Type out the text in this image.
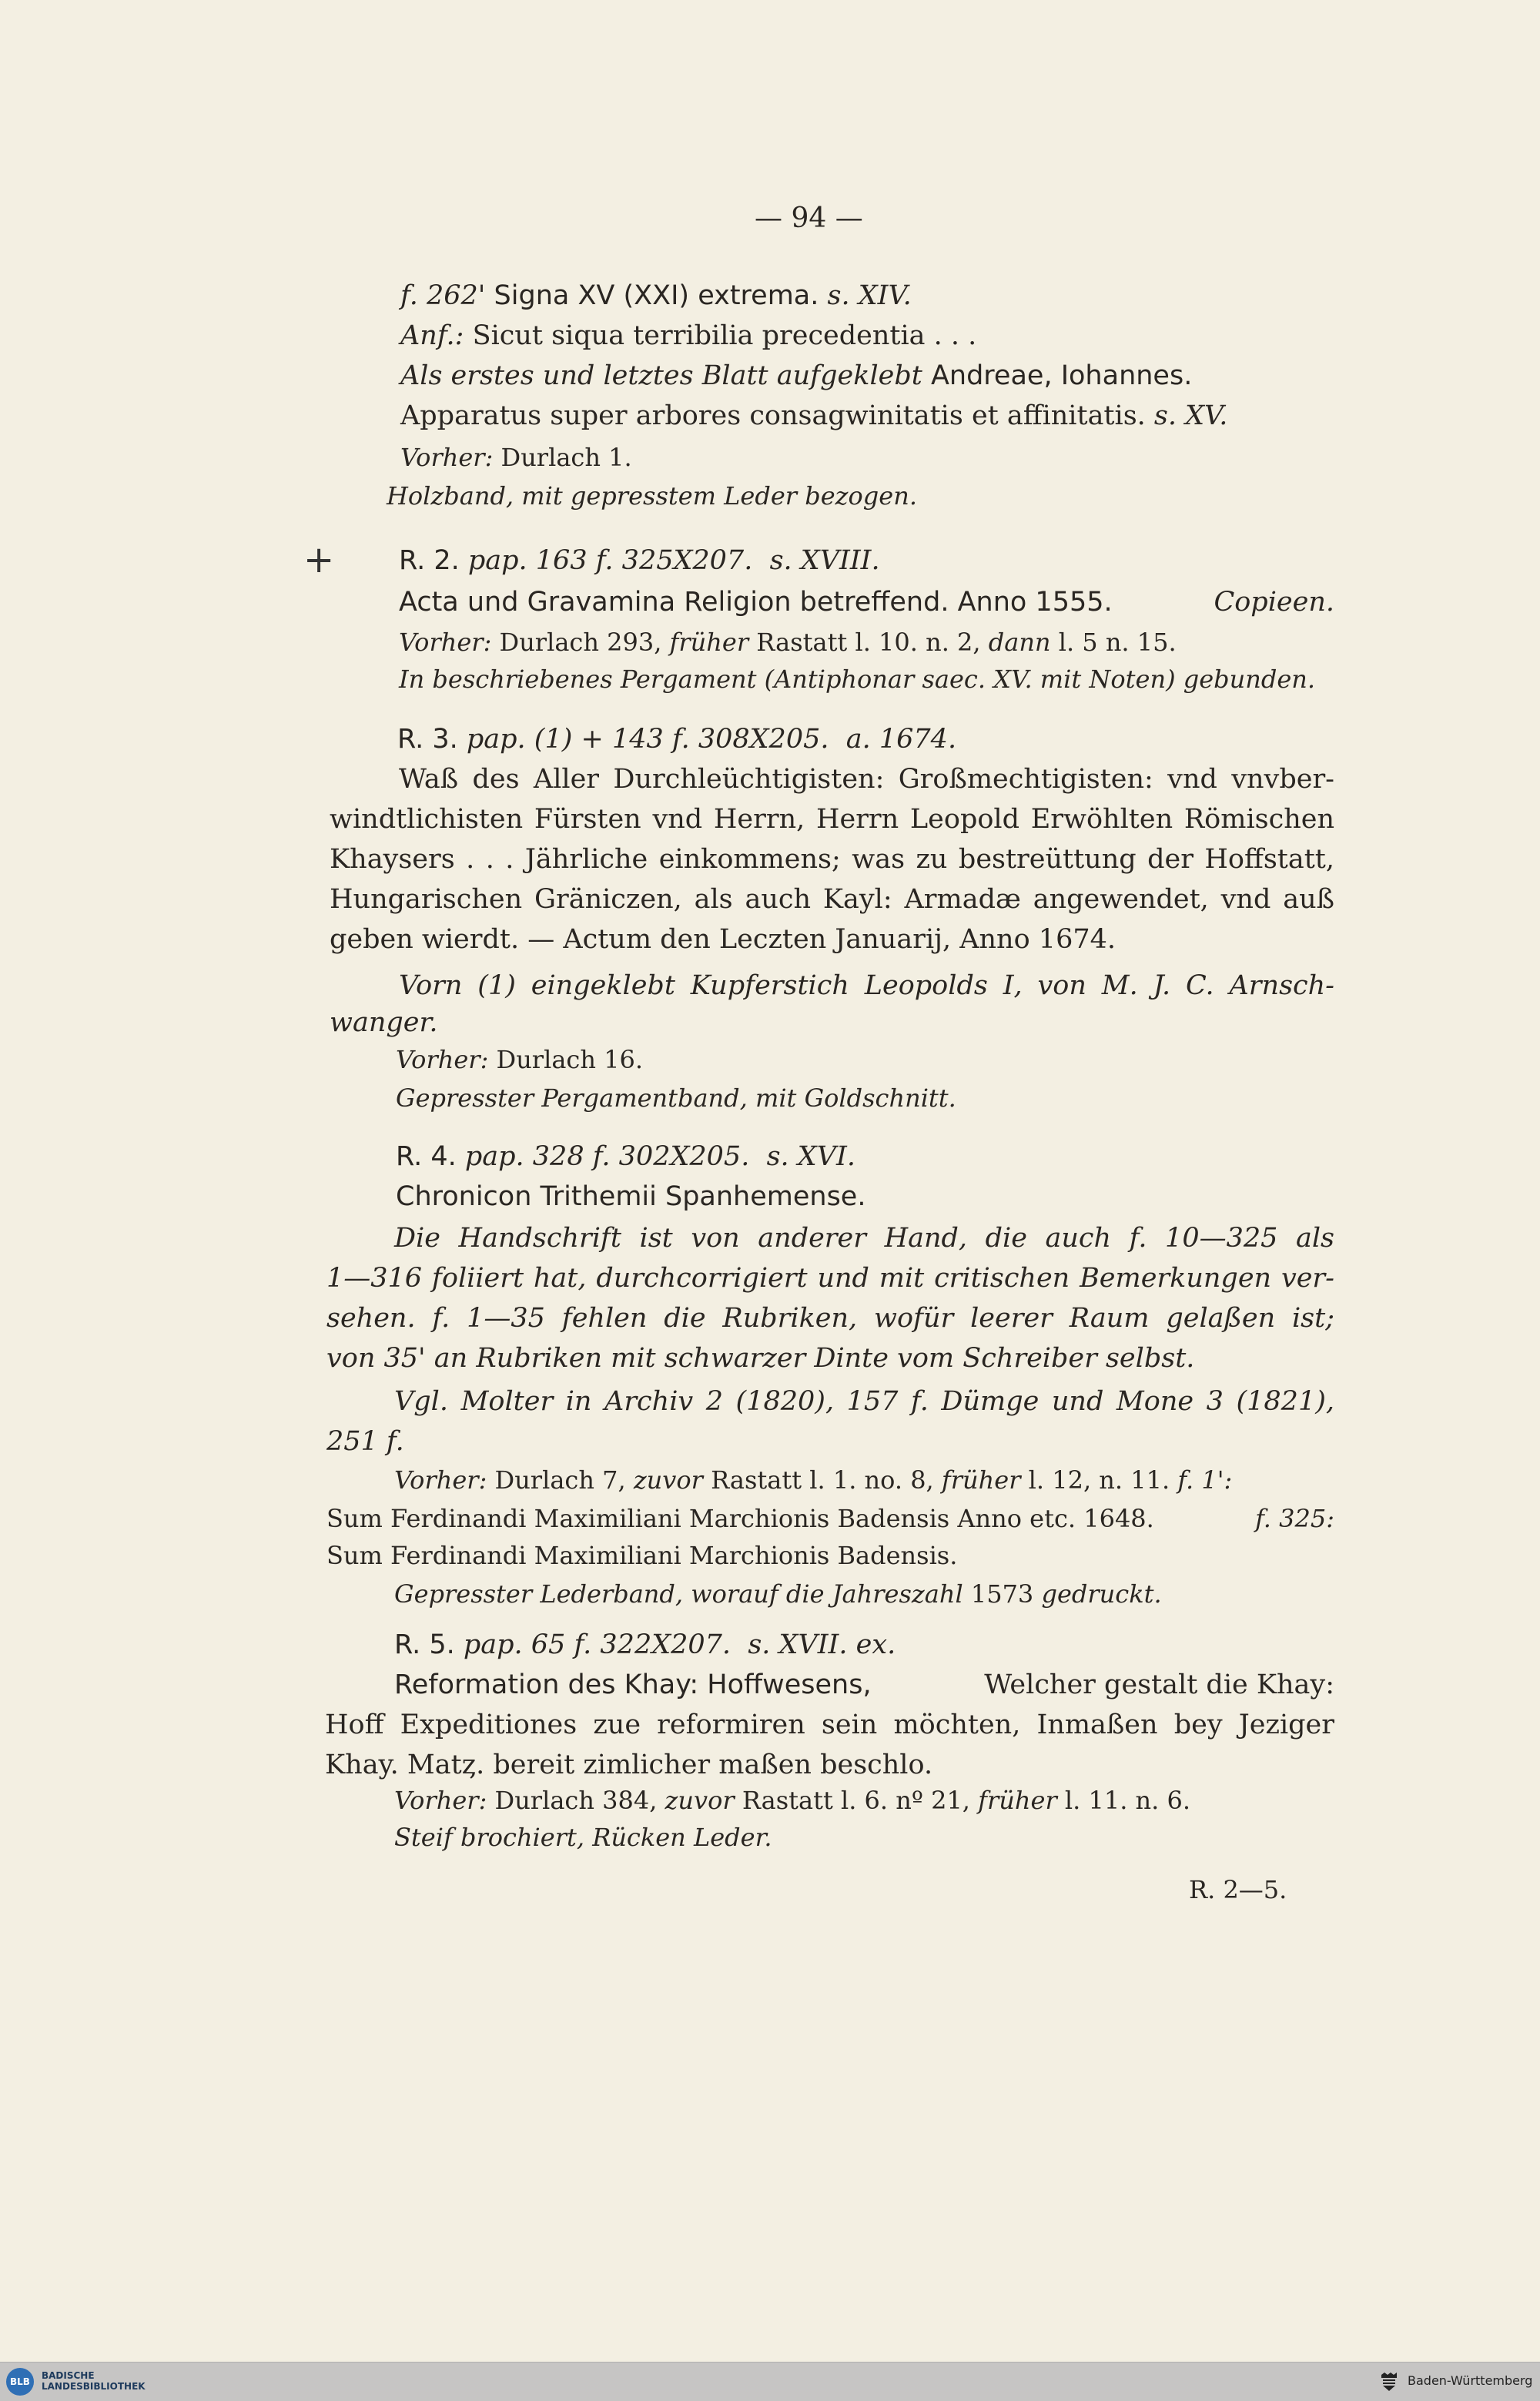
— 94 —
f. 262' Signa XV (XXI) extrema. s. XIV.
Anf.: Sicut siqua terribilia precedentia . . .
Als erstes und letztes Blatt aufgeklebt Andreae, Iohannes.
Apparatus super arbores consagwinitatis et affinitatis. s. XV.
Vorher: Durlach 1.
Holzband, mit gepresstem Leder bezogen.
+ R. 2. pap. 163 f. 325X207. s. XVIII.
Acta und Gravamina Religion betreffend. Anno 1555.	Copieen.
Vorher: Durlach 293, früher Rastatt l. 10. n. 2, dann l. 5 n. 15.
In beschriebenes Pergament (Antiphonar saec. XV. mit Noten) gebunden.
R. 3. pap. (1) + 143 f. 308X205. a. 1674.
Waß des Aller Durchleüchtigisten: Großmechtigisten: vnd vnvber-
windtlichisten Fürsten vnd Herrn, Herrn Leopold Erwöhlten Römischen
Khaysers . . . Jährliche einkommens; was zu bestreüttung der Hoffstatt,
Hungarischen Gräniczen, als auch Kayl: Armadæ angewendet, vnd auß
geben wierdt. — Actum den Leczten Januarij, Anno 1674.
Vorn (1) eingeklebt Kupferstich Leopolds I, von M. J. C. Arnsch-
wanger.
Vorher: Durlach 16.
Gepresster Pergamentband, mit Goldschnitt.
R. 4. pap. 328 f. 302X205. s. XVI.
Chronicon Trithemii Spanhemense.
Die Handschrift ist von anderer Hand, die auch f. 10—325 als
1—316 foliiert hat, durchcorrigiert und mit critischen Bemerkungen ver-
sehen. f. 1—35 fehlen die Rubriken, wofür leerer Raum gelaßen ist;
von 35' an Rubriken mit schwarzer Dinte vom Schreiber selbst.
Vgl. Molter in Archiv 2 (1820), 157 f. Dümge und Mone 3 (1821),
251 f.
Vorher: Durlach 7, zuvor Rastatt l. 1. no. 8, früher l. 12, n. 11. f. 1':
Sum Ferdinandi Maximiliani Marchionis Badensis Anno etc. 1648.	f. 325:
Sum Ferdinandi Maximiliani Marchionis Badensis.
Gepresster Lederband, worauf die Jahreszahl 1573 gedruckt.
R. 5. pap. 65 f. 322X207. s. XVII. ex.
Reformation des Khay: Hoffwesens,	Welcher gestalt die Khay:
Hoff Expeditiones zue reformiren sein möchten, Inmaßen bey Jeziger
Khay. Matȥ. bereit zimlicher maßen beschlo.
Vorher: Durlach 384, zuvor Rastatt l. 6. nº 21, früher l. 11. n. 6.
Steif brochiert, Rücken Leder.
R. 2—5.
BLB
BADISCHE
LANDESBIBLIOTHEK	Baden-Württemberg
